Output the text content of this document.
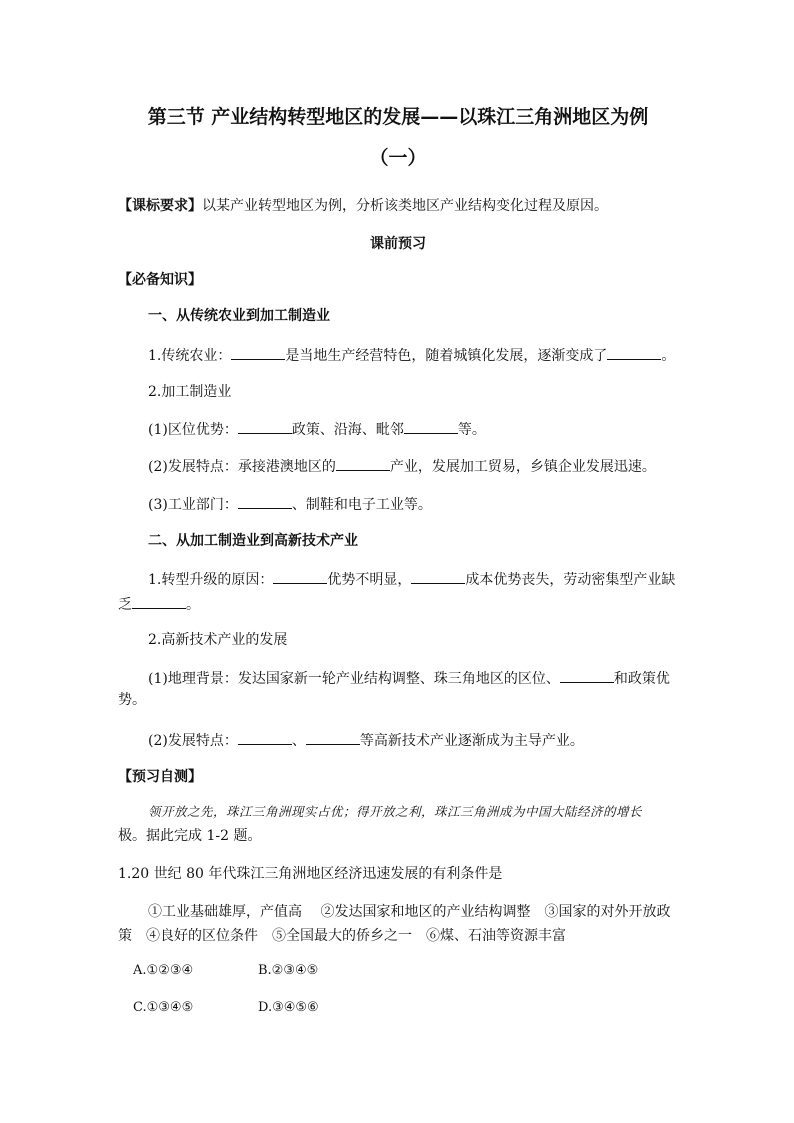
第三节 产业结构转型地区的发展——以珠江三角洲地区为例
（一）
【课标要求】以某产业转型地区为例，分析该类地区产业结构变化过程及原因。
课前预习
【必备知识】
一、从传统农业到加工制造业
1.传统农业：	是当地生产经营特色，随着城镇化发展，逐渐变成了	。
2.加工制造业
(1)区位优势：	政策、沿海、毗邻	等。
(2)发展特点：承接港澳地区的	产业，发展加工贸易，乡镇企业发展迅速。
(3)工业部门：	、制鞋和电子工业等。
二、从加工制造业到高新技术产业
1.转型升级的原因：	优势不明显，	成本优势丧失，劳动密集型产业缺
乏	。
2.高新技术产业的发展
(1)地理背景：发达国家新一轮产业结构调整、珠三角地区的区位、	和政策优
势。
(2)发展特点：	、	等高新技术产业逐渐成为主导产业。
【预习自测】
领开放之先，珠江三角洲现实占优；得开放之利，珠江三角洲成为中国大陆经济的增长
极。据此完成 1-2 题。
1.20 世纪 80 年代珠江三角洲地区经济迅速发展的有利条件是
①工业基础雄厚，产值高　 ②发达国家和地区的产业结构调整　③国家的对外开放政
策　④良好的区位条件　⑤全国最大的侨乡之一　⑥煤、石油等资源丰富
A.①②③④	B.②③④⑤
C.①③④⑤	D.③④⑤⑥
